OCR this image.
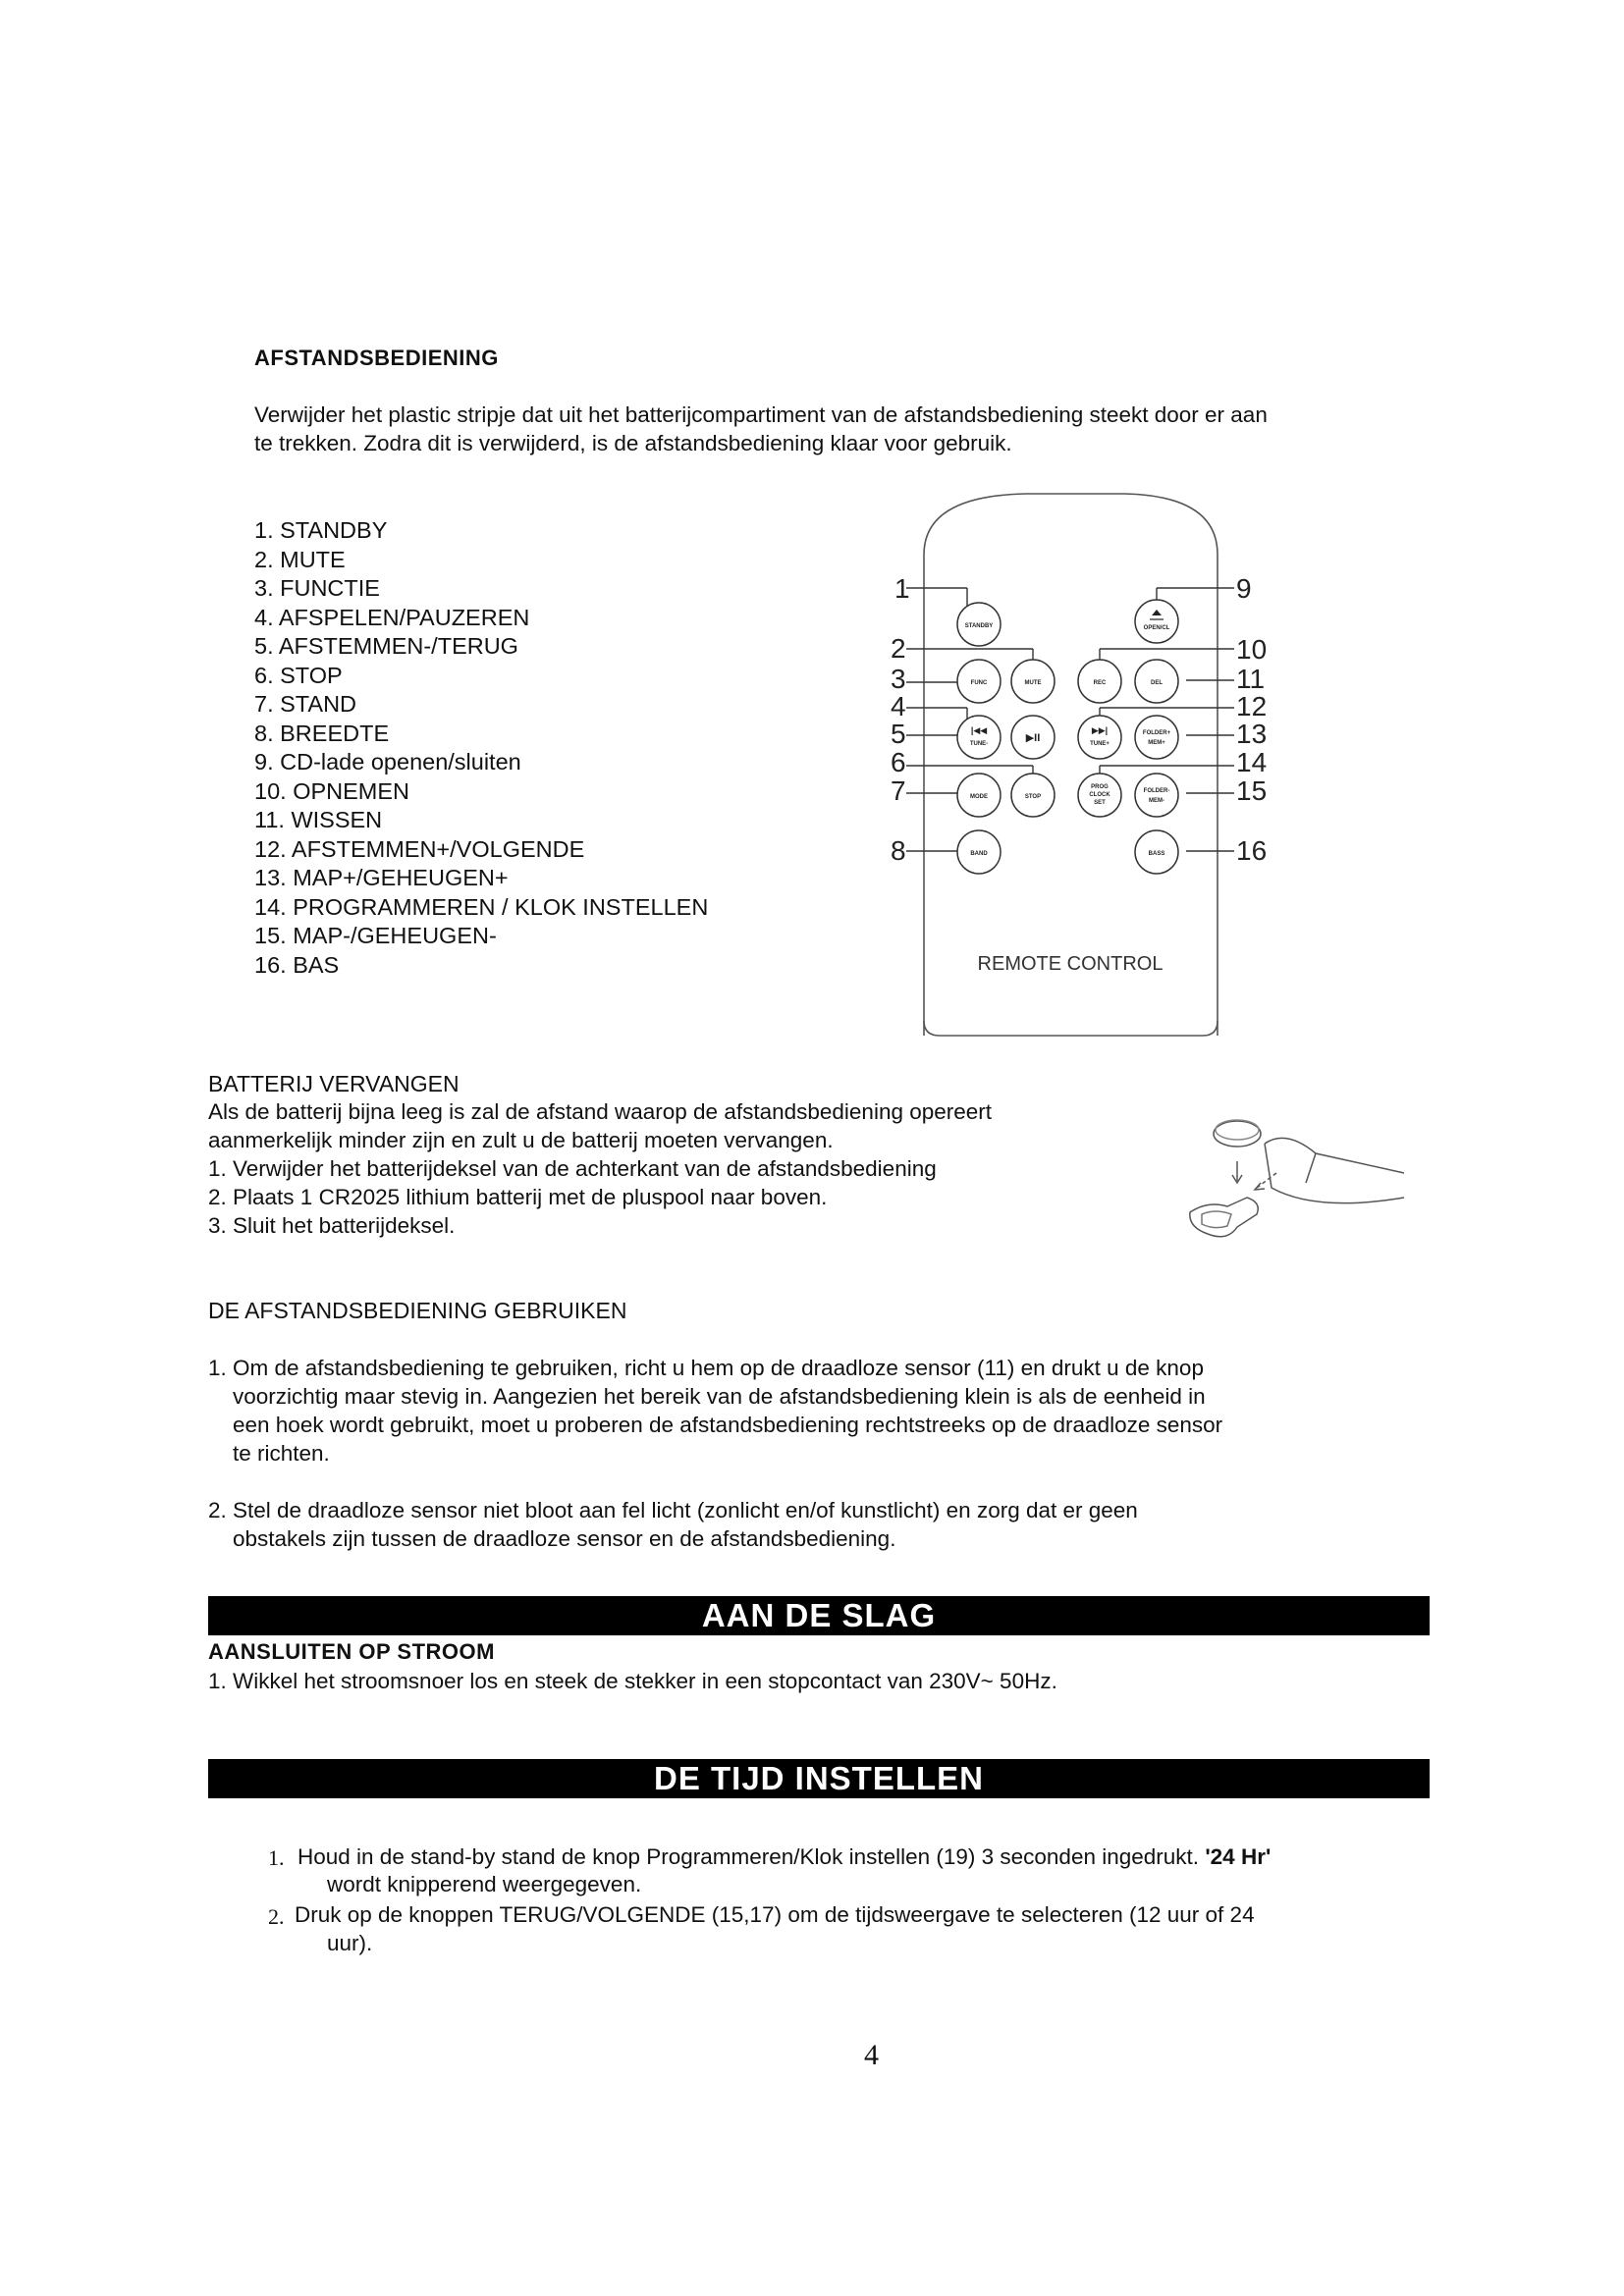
AFSTANDSBEDIENING
Verwijder het plastic stripje dat uit het batterijcompartiment van de afstandsbediening steekt door er aan
te trekken. Zodra dit is verwijderd, is de afstandsbediening klaar voor gebruik.
1. STANDBY
2. MUTE
3. FUNCTIE
4. AFSPELEN/PAUZEREN
5. AFSTEMMEN-/TERUG
6. STOP
7. STAND
8. BREEDTE
9. CD-lade openen/sluiten
10. OPNEMEN
11. WISSEN
12. AFSTEMMEN+/VOLGENDE
13. MAP+/GEHEUGEN+
14. PROGRAMMEREN / KLOK INSTELLEN
15. MAP-/GEHEUGEN-
16. BAS
STANDBY	OPEN/CL
FUNC	MUTE	REC	DEL
|◀◀
TUNE-	▶II
▶▶|
TUNE+
FOLDER+
MEM+
MODE	STOP
PROG
CLOCK
SET
FOLDER-
MEM-
BAND	BASS
1
2
3
4
5
6
7
8
9
10
11
12
13
14
15
16
REMOTE CONTROL
BATTERIJ VERVANGEN
Als de batterij bijna leeg is zal de afstand waarop de afstandsbediening opereert
aanmerkelijk minder zijn en zult u de batterij moeten vervangen.
1. Verwijder het batterijdeksel van de achterkant van de afstandsbediening
2. Plaats 1 CR2025 lithium batterij met de pluspool naar boven.
3. Sluit het batterijdeksel.
DE AFSTANDSBEDIENING GEBRUIKEN
1. Om de afstandsbediening te gebruiken, richt u hem op de draadloze sensor (11) en drukt u de knop
voorzichtig maar stevig in. Aangezien het bereik van de afstandsbediening klein is als de eenheid in
een hoek wordt gebruikt, moet u proberen de afstandsbediening rechtstreeks op de draadloze sensor
te richten.
2. Stel de draadloze sensor niet bloot aan fel licht (zonlicht en/of kunstlicht) en zorg dat er geen
obstakels zijn tussen de draadloze sensor en de afstandsbediening.
AAN DE SLAG
AANSLUITEN OP STROOM
1. Wikkel het stroomsnoer los en steek de stekker in een stopcontact van 230V~ 50Hz.
DE TIJD INSTELLEN
1. Houd in de stand-by stand de knop Programmeren/Klok instellen (19) 3 seconden ingedrukt. '24 Hr'
wordt knipperend weergegeven.
2. Druk op de knoppen TERUG/VOLGENDE (15,17) om de tijdsweergave te selecteren (12 uur of 24
uur).
4
